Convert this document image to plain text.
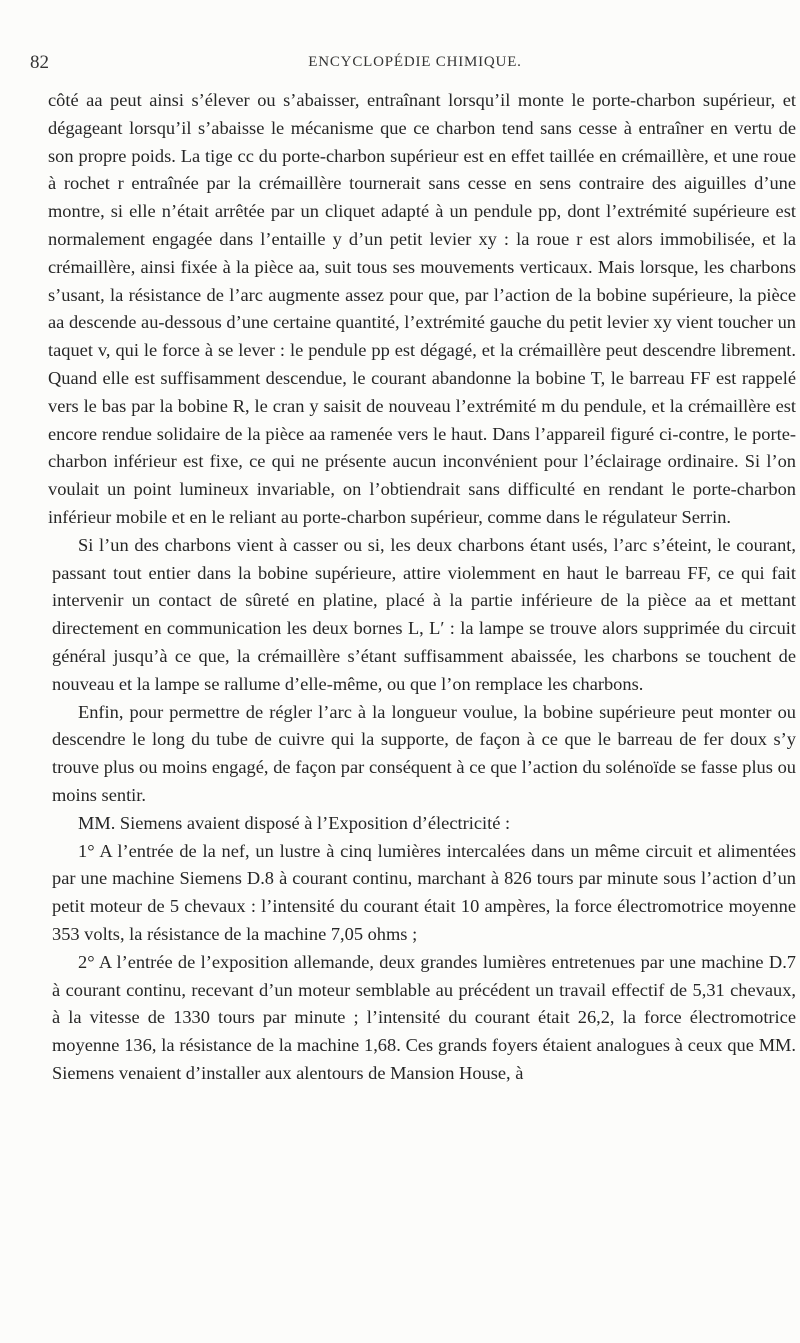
82	ENCYCLOPÉDIE CHIMIQUE.

côté aa peut ainsi s’élever ou s’abaisser, entraînant lorsqu’il monte le porte-charbon supérieur, et dégageant lorsqu’il s’abaisse le mécanisme que ce charbon tend sans cesse à entraîner en vertu de son propre poids. La tige cc du porte-charbon supérieur est en effet taillée en crémaillère, et une roue à rochet r entraînée par la crémaillère tournerait sans cesse en sens contraire des aiguilles d’une montre, si elle n’était arrêtée par un cliquet adapté à un pendule pp, dont l’extrémité supérieure est normalement engagée dans l’entaille y d’un petit levier xy : la roue r est alors immobilisée, et la crémaillère, ainsi fixée à la pièce aa, suit tous ses mouvements verticaux. Mais lorsque, les charbons s’usant, la résistance de l’arc augmente assez pour que, par l’action de la bobine supérieure, la pièce aa descende au-dessous d’une certaine quantité, l’extrémité gauche du petit levier xy vient toucher un taquet v, qui le force à se lever : le pendule pp est dégagé, et la crémaillère peut descendre librement. Quand elle est suffisamment descendue, le courant abandonne la bobine T, le barreau FF est rappelé vers le bas par la bobine R, le cran y saisit de nouveau l’extrémité m du pendule, et la crémaillère est encore rendue solidaire de la pièce aa ramenée vers le haut. Dans l’appareil figuré ci-contre, le porte-charbon inférieur est fixe, ce qui ne présente aucun inconvénient pour l’éclairage ordinaire. Si l’on voulait un point lumineux invariable, on l’obtiendrait sans difficulté en rendant le porte-charbon inférieur mobile et en le reliant au porte-charbon supérieur, comme dans le régulateur Serrin.

Si l’un des charbons vient à casser ou si, les deux charbons étant usés, l’arc s’éteint, le courant, passant tout entier dans la bobine supérieure, attire violemment en haut le barreau FF, ce qui fait intervenir un contact de sûreté en platine, placé à la partie inférieure de la pièce aa et mettant directement en communication les deux bornes L, L′ : la lampe se trouve alors supprimée du circuit général jusqu’à ce que, la crémaillère s’étant suffisamment abaissée, les charbons se touchent de nouveau et la lampe se rallume d’elle-même, ou que l’on remplace les charbons.

Enfin, pour permettre de régler l’arc à la longueur voulue, la bobine supérieure peut monter ou descendre le long du tube de cuivre qui la supporte, de façon à ce que le barreau de fer doux s’y trouve plus ou moins engagé, de façon par conséquent à ce que l’action du solénoïde se fasse plus ou moins sentir.

MM. Siemens avaient disposé à l’Exposition d’électricité :

1° A l’entrée de la nef, un lustre à cinq lumières intercalées dans un même circuit et alimentées par une machine Siemens D.8 à courant continu, marchant à 826 tours par minute sous l’action d’un petit moteur de 5 chevaux : l’intensité du courant était 10 ampères, la force électromotrice moyenne 353 volts, la résistance de la machine 7,05 ohms ;

2° A l’entrée de l’exposition allemande, deux grandes lumières entretenues par une machine D.7 à courant continu, recevant d’un moteur semblable au précédent un travail effectif de 5,31 chevaux, à la vitesse de 1330 tours par minute ; l’intensité du courant était 26,2, la force électromotrice moyenne 136, la résistance de la machine 1,68. Ces grands foyers étaient analogues à ceux que MM. Siemens venaient d’installer aux alentours de Mansion House, à
